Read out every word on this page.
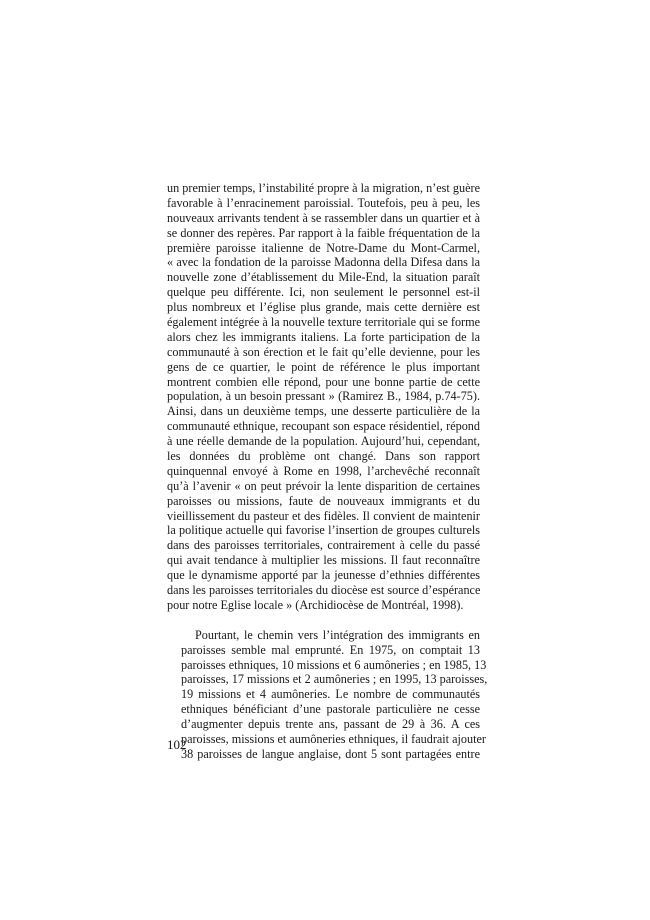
un premier temps, l’instabilité propre à la migration, n’est guère
favorable à l’enracinement paroissial. Toutefois, peu à peu, les
nouveaux arrivants tendent à se rassembler dans un quartier et à
se donner des repères. Par rapport à la faible fréquentation de la
première paroisse italienne de Notre-Dame du Mont-Carmel,
« avec la fondation de la paroisse Madonna della Difesa dans la
nouvelle zone d’établissement du Mile-End, la situation paraît
quelque peu différente. Ici, non seulement le personnel est-il
plus nombreux et l’église plus grande, mais cette dernière est
également intégrée à la nouvelle texture territoriale qui se forme
alors chez les immigrants italiens. La forte participation de la
communauté à son érection et le fait qu’elle devienne, pour les
gens de ce quartier, le point de référence le plus important
montrent combien elle répond, pour une bonne partie de cette
population, à un besoin pressant » (Ramirez B., 1984, p.74-75).
Ainsi, dans un deuxième temps, une desserte particulière de la
communauté ethnique, recoupant son espace résidentiel, répond
à une réelle demande de la population. Aujourd’hui, cependant,
les données du problème ont changé. Dans son rapport
quinquennal envoyé à Rome en 1998, l’archevêché reconnaît
qu’à l’avenir « on peut prévoir la lente disparition de certaines
paroisses ou missions, faute de nouveaux immigrants et du
vieillissement du pasteur et des fidèles. Il convient de maintenir
la politique actuelle qui favorise l’insertion de groupes culturels
dans des paroisses territoriales, contrairement à celle du passé
qui avait tendance à multiplier les missions. Il faut reconnaître
que le dynamisme apporté par la jeunesse d’ethnies différentes
dans les paroisses territoriales du diocèse est source d’espérance
pour notre Eglise locale » (Archidiocèse de Montréal, 1998).
Pourtant, le chemin vers l’intégration des immigrants en
paroisses semble mal emprunté. En 1975, on comptait 13
paroisses ethniques, 10 missions et 6 aumôneries ; en 1985, 13
paroisses, 17 missions et 2 aumôneries ; en 1995, 13 paroisses,
19 missions et 4 aumôneries. Le nombre de communautés
ethniques bénéficiant d’une pastorale particulière ne cesse
d’augmenter depuis trente ans, passant de 29 à 36. A ces
paroisses, missions et aumôneries ethniques, il faudrait ajouter
38 paroisses de langue anglaise, dont 5 sont partagées entre
102
